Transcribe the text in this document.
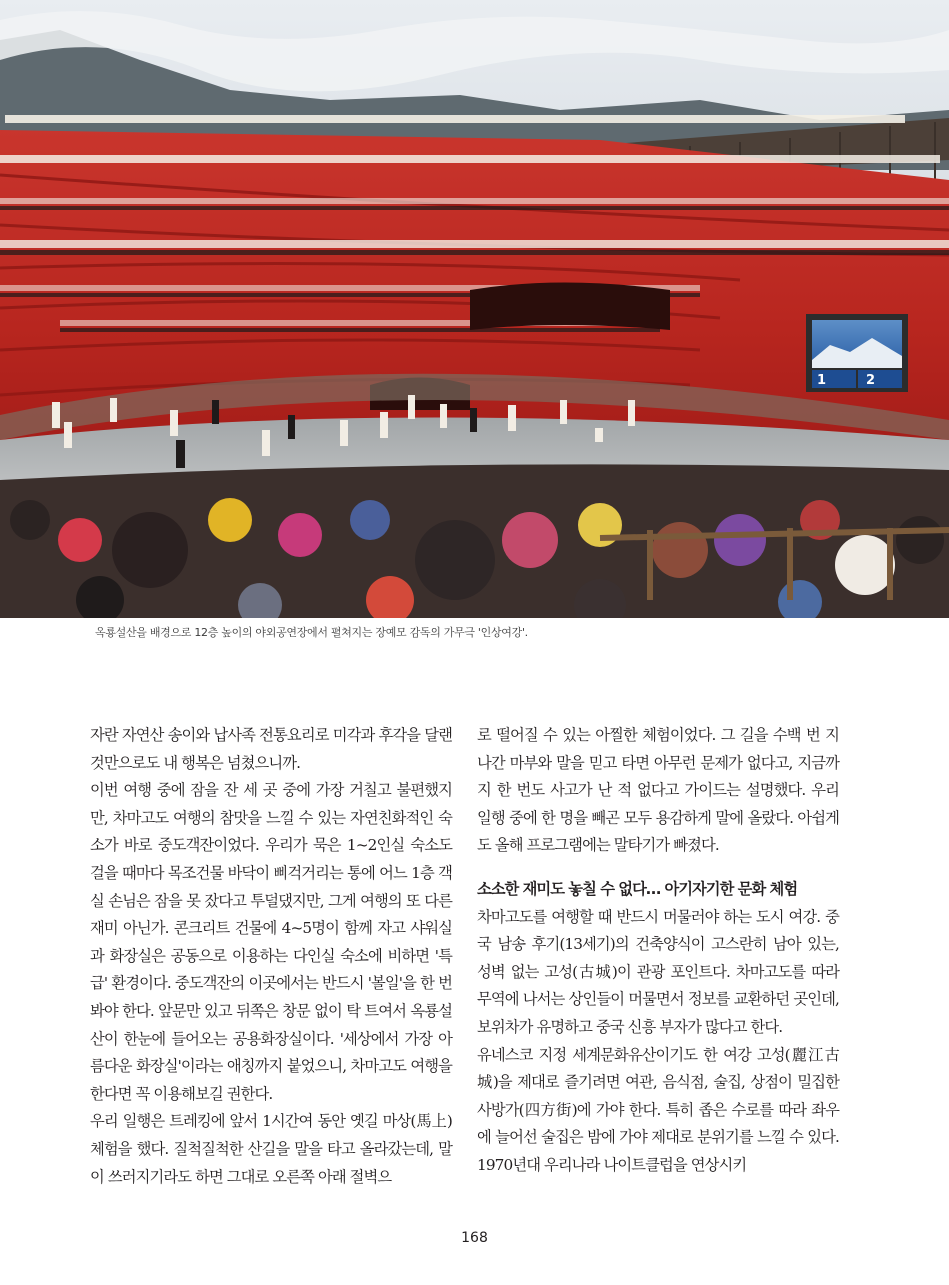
1	2
옥룡설산을 배경으로 12층 높이의 야외공연장에서 펼쳐지는 장예모 감독의 가무극 '인상여강'.

자란 자연산 송이와 납사족 전통요리로 미각과 후각을 달랜 것만으로도 내 행복은 넘쳤으니까.

이번 여행 중에 잠을 잔 세 곳 중에 가장 거칠고 불편했지만, 차마고도 여행의 참맛을 느낄 수 있는 자연친화적인 숙소가 바로 중도객잔이었다. 우리가 묵은 1~2인실 숙소도 걸을 때마다 목조건물 바닥이 삐걱거리는 통에 어느 1층 객실 손님은 잠을 못 잤다고 투덜댔지만, 그게 여행의 또 다른 재미 아닌가. 콘크리트 건물에 4~5명이 함께 자고 샤워실과 화장실은 공동으로 이용하는 다인실 숙소에 비하면 '특급' 환경이다. 중도객잔의 이곳에서는 반드시 '볼일'을 한 번 봐야 한다. 앞문만 있고 뒤쪽은 창문 없이 탁 트여서 옥룡설산이 한눈에 들어오는 공용화장실이다. '세상에서 가장 아름다운 화장실'이라는 애칭까지 붙었으니, 차마고도 여행을 한다면 꼭 이용해보길 권한다.

우리 일행은 트레킹에 앞서 1시간여 동안 옛길 마상(馬上)체험을 했다. 질척질척한 산길을 말을 타고 올라갔는데, 말이 쓰러지기라도 하면 그대로 오른쪽 아래 절벽으

로 떨어질 수 있는 아찔한 체험이었다. 그 길을 수백 번 지나간 마부와 말을 믿고 타면 아무런 문제가 없다고, 지금까지 한 번도 사고가 난 적 없다고 가이드는 설명했다. 우리 일행 중에 한 명을 빼곤 모두 용감하게 말에 올랐다. 아쉽게도 올해 프로그램에는 말타기가 빠졌다.

소소한 재미도 놓칠 수 없다… 아기자기한 문화 체험

차마고도를 여행할 때 반드시 머물러야 하는 도시 여강. 중국 남송 후기(13세기)의 건축양식이 고스란히 남아 있는, 성벽 없는 고성(古城)이 관광 포인트다. 차마고도를 따라 무역에 나서는 상인들이 머물면서 정보를 교환하던 곳인데, 보위차가 유명하고 중국 신흥 부자가 많다고 한다.

유네스코 지정 세계문화유산이기도 한 여강 고성(麗江古城)을 제대로 즐기려면 여관, 음식점, 술집, 상점이 밀집한 사방가(四方街)에 가야 한다. 특히 좁은 수로를 따라 좌우에 늘어선 술집은 밤에 가야 제대로 분위기를 느낄 수 있다. 1970년대 우리나라 나이트클럽을 연상시키

168
